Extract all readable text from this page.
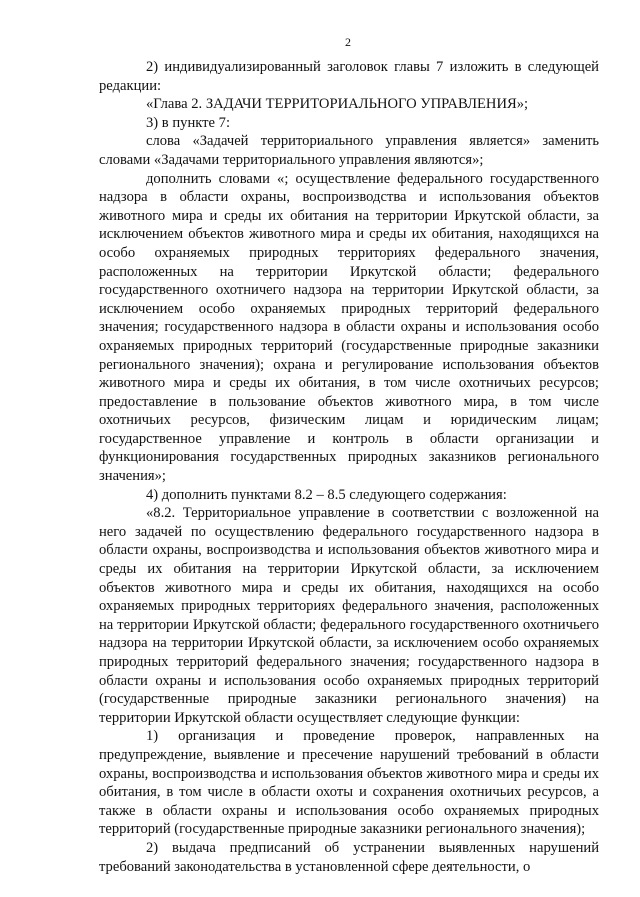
2

2) индивидуализированный заголовок главы 7 изложить в следующей редакции:

«Глава 2. ЗАДАЧИ ТЕРРИТОРИАЛЬНОГО УПРАВЛЕНИЯ»;

3) в пункте 7:

слова «Задачей территориального управления является» заменить словами «Задачами территориального управления являются»;

дополнить словами «; осуществление федерального государственного надзора в области охраны, воспроизводства и использования объектов животного мира и среды их обитания на территории Иркутской области, за исключением объектов животного мира и среды их обитания, находящихся на особо охраняемых природных территориях федерального значения, расположенных на территории Иркутской области; федерального государственного охотничего надзора на территории Иркутской области, за исключением особо охраняемых природных территорий федерального значения; государственного надзора в области охраны и использования особо охраняемых природных территорий (государственные природные заказники регионального значения); охрана и регулирование использования объектов животного мира и среды их обитания, в том числе охотничьих ресурсов; предоставление в пользование объектов животного мира, в том числе охотничьих ресурсов, физическим лицам и юридическим лицам; государственное управление и контроль в области организации и функционирования государственных природных заказников регионального значения»;

4) дополнить пунктами 8.2 – 8.5 следующего содержания:

«8.2. Территориальное управление в соответствии с возложенной на него задачей по осуществлению федерального государственного надзора в области охраны, воспроизводства и использования объектов животного мира и среды их обитания на территории Иркутской области, за исключением объектов животного мира и среды их обитания, находящихся на особо охраняемых природных территориях федерального значения, расположенных на территории Иркутской области; федерального государственного охотничьего надзора на территории Иркутской области, за исключением особо охраняемых природных территорий федерального значения; государственного надзора в области охраны и использования особо охраняемых природных территорий (государственные природные заказники регионального значения) на территории Иркутской области осуществляет следующие функции:

1) организация и проведение проверок, направленных на предупреждение, выявление и пресечение нарушений требований в области охраны, воспроизводства и использования объектов животного мира и среды их обитания, в том числе в области охоты и сохранения охотничьих ресурсов, а также в области охраны и использования особо охраняемых природных территорий (государственные природные заказники регионального значения);

2) выдача предписаний об устранении выявленных нарушений требований законодательства в установленной сфере деятельности, о
